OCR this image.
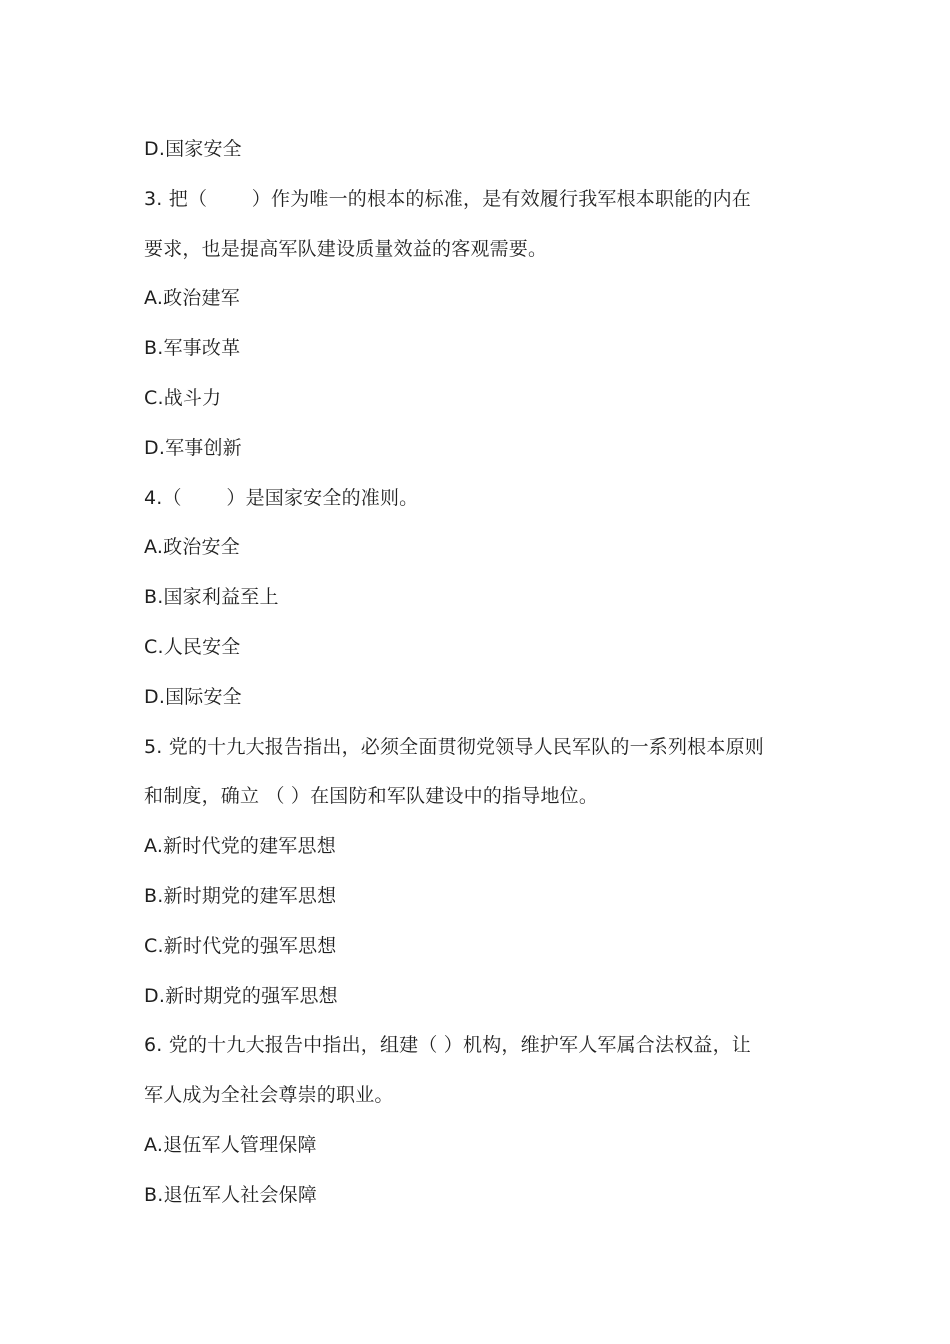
D.国家安全
3. 把（　　 ）作为唯一的根本的标准，是有效履行我军根本职能的内在
要求，也是提高军队建设质量效益的客观需要。
A.政治建军
B.军事改革
C.战斗力
D.军事创新
4.（　　 ）是国家安全的准则。
A.政治安全
B.国家利益至上
C.人民安全
D.国际安全
5. 党的十九大报告指出，必须全面贯彻党领导人民军队的一系列根本原则
和制度，确立 （ ）在国防和军队建设中的指导地位。
A.新时代党的建军思想
B.新时期党的建军思想
C.新时代党的强军思想
D.新时期党的强军思想
6. 党的十九大报告中指出，组建（ ）机构，维护军人军属合法权益，让
军人成为全社会尊崇的职业。
A.退伍军人管理保障
B.退伍军人社会保障
